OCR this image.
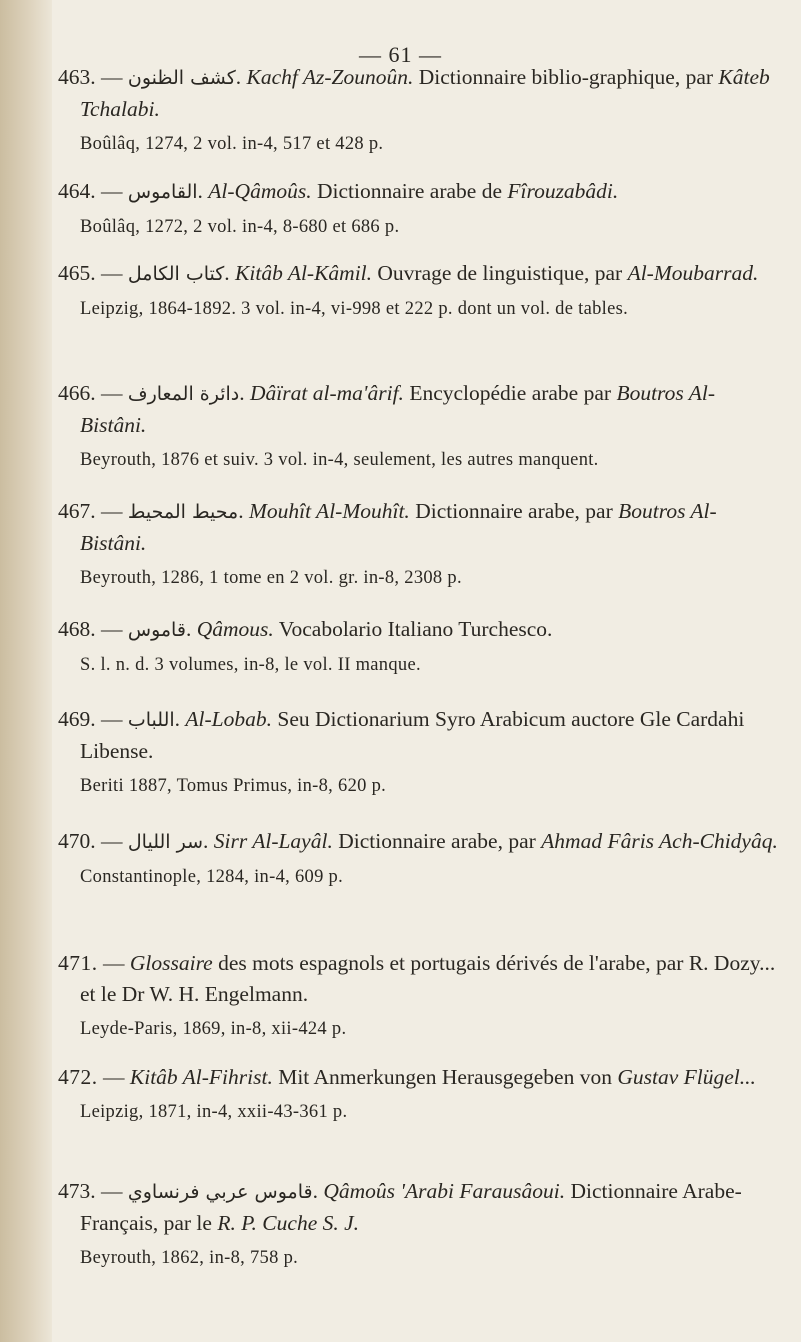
— 61 —

463. — كشف الظنون. Kachf Az-Zounoûn. Dictionnaire biblio-graphique, par Kâteb Tchalabi.

Boûlâq, 1274, 2 vol. in-4, 517 et 428 p.

464. — القاموس. Al-Qâmoûs. Dictionnaire arabe de Fîrouzabâdi.

Boûlâq, 1272, 2 vol. in-4, 8-680 et 686 p.

465. — كتاب الكامل. Kitâb Al-Kâmil. Ouvrage de linguistique, par Al-Moubarrad.

Leipzig, 1864-1892. 3 vol. in-4, vi-998 et 222 p. dont un vol. de tables.

466. — دائرة المعارف. Dâïrat al-ma'ârif. Encyclopédie arabe par Boutros Al-Bistâni.

Beyrouth, 1876 et suiv. 3 vol. in-4, seulement, les autres manquent.

467. — محيط المحيط. Mouhît Al-Mouhît. Dictionnaire arabe, par Boutros Al-Bistâni.

Beyrouth, 1286, 1 tome en 2 vol. gr. in-8, 2308 p.

468. — قاموس. Qâmous. Vocabolario Italiano Turchesco.

S. l. n. d. 3 volumes, in-8, le vol. II manque.

469. — اللباب. Al-Lobab. Seu Dictionarium Syro Arabicum auctore Gle Cardahi Libense.

Beriti 1887, Tomus Primus, in-8, 620 p.

470. — سر الليال. Sirr Al-Layâl. Dictionnaire arabe, par Ahmad Fâris Ach-Chidyâq.

Constantinople, 1284, in-4, 609 p.

471. — Glossaire des mots espagnols et portugais dérivés de l'arabe, par R. Dozy... et le Dr W. H. Engelmann.

Leyde-Paris, 1869, in-8, xii-424 p.

472. — Kitâb Al-Fihrist. Mit Anmerkungen Herausgegeben von Gustav Flügel...

Leipzig, 1871, in-4, xxii-43-361 p.

473. — قاموس عربي فرنساوي. Qâmoûs 'Arabi Farausâoui. Dictionnaire Arabe-Français, par le R. P. Cuche S. J.

Beyrouth, 1862, in-8, 758 p.
